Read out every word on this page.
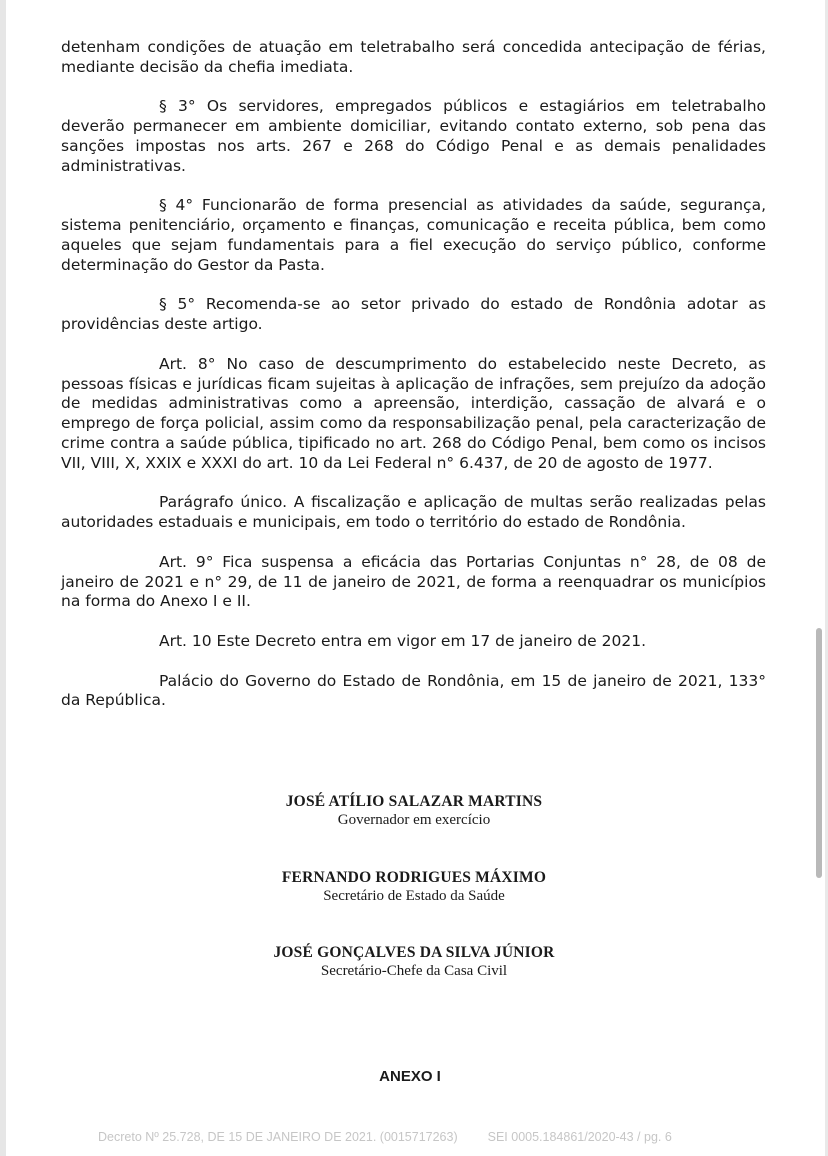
detenham condições de atuação em teletrabalho será concedida antecipação de férias, mediante decisão da chefia imediata.

§ 3° Os servidores, empregados públicos e estagiários em teletrabalho deverão permanecer em ambiente domiciliar, evitando contato externo, sob pena das sanções impostas nos arts. 267 e 268 do Código Penal e as demais penalidades administrativas.

§ 4° Funcionarão de forma presencial as atividades da saúde, segurança, sistema penitenciário, orçamento e finanças, comunicação e receita pública, bem como aqueles que sejam fundamentais para a fiel execução do serviço público, conforme determinação do Gestor da Pasta.

§ 5° Recomenda-se ao setor privado do estado de Rondônia adotar as providências deste artigo.

Art. 8° No caso de descumprimento do estabelecido neste Decreto, as pessoas físicas e jurídicas ficam sujeitas à aplicação de infrações, sem prejuízo da adoção de medidas administrativas como a apreensão, interdição, cassação de alvará e o emprego de força policial, assim como da responsabilização penal, pela caracterização de crime contra a saúde pública, tipificado no art. 268 do Código Penal, bem como os incisos VII, VIII, X, XXIX e XXXI do art. 10 da Lei Federal n° 6.437, de 20 de agosto de 1977.

Parágrafo único. A fiscalização e aplicação de multas serão realizadas pelas autoridades estaduais e municipais, em todo o território do estado de Rondônia.

Art. 9° Fica suspensa a eficácia das Portarias Conjuntas n° 28, de 08 de janeiro de 2021 e n° 29, de 11 de janeiro de 2021, de forma a reenquadrar os municípios na forma do Anexo I e II.

Art. 10 Este Decreto entra em vigor em 17 de janeiro de 2021.

Palácio do Governo do Estado de Rondônia, em 15 de janeiro de 2021, 133° da República.

JOSÉ ATÍLIO SALAZAR MARTINS
Governador em exercício
FERNANDO RODRIGUES MÁXIMO
Secretário de Estado da Saúde
JOSÉ GONÇALVES DA SILVA JÚNIOR
Secretário-Chefe da Casa Civil
ANEXO I
Decreto Nº 25.728, DE 15 DE JANEIRO DE 2021. (0015717263) SEI 0005.184861/2020-43 / pg. 6
